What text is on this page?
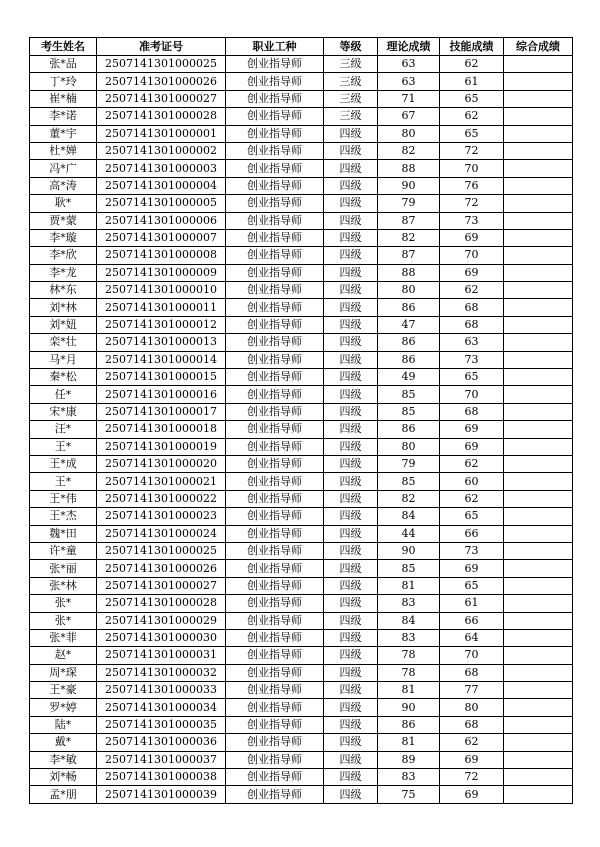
考生姓名	准考证号	职业工种	等级	理论成绩	技能成绩	综合成绩
张*品	2507141301000025	创业指导师	三级	63	62	
丁*玲	2507141301000026	创业指导师	三级	63	61	
崔*楠	2507141301000027	创业指导师	三级	71	65	
李*诺	2507141301000028	创业指导师	三级	67	62	
董*宇	2507141301000001	创业指导师	四级	80	65	
杜*婵	2507141301000002	创业指导师	四级	82	72	
冯*广	2507141301000003	创业指导师	四级	88	70	
高*涛	2507141301000004	创业指导师	四级	90	76	
耿*	2507141301000005	创业指导师	四级	79	72	
贾*蒙	2507141301000006	创业指导师	四级	87	73	
李*璇	2507141301000007	创业指导师	四级	82	69	
李*欣	2507141301000008	创业指导师	四级	87	70	
李*龙	2507141301000009	创业指导师	四级	88	69	
林*东	2507141301000010	创业指导师	四级	80	62	
刘*林	2507141301000011	创业指导师	四级	86	68	
刘*妞	2507141301000012	创业指导师	四级	47	68	
栾*壮	2507141301000013	创业指导师	四级	86	63	
马*月	2507141301000014	创业指导师	四级	86	73	
秦*松	2507141301000015	创业指导师	四级	49	65	
任*	2507141301000016	创业指导师	四级	85	70	
宋*康	2507141301000017	创业指导师	四级	85	68	
汪*	2507141301000018	创业指导师	四级	86	69	
王*	2507141301000019	创业指导师	四级	80	69	
王*成	2507141301000020	创业指导师	四级	79	62	
王*	2507141301000021	创业指导师	四级	85	60	
王*伟	2507141301000022	创业指导师	四级	82	62	
王*杰	2507141301000023	创业指导师	四级	84	65	
魏*田	2507141301000024	创业指导师	四级	44	66	
许*童	2507141301000025	创业指导师	四级	90	73	
张*丽	2507141301000026	创业指导师	四级	85	69	
张*林	2507141301000027	创业指导师	四级	81	65	
张*	2507141301000028	创业指导师	四级	83	61	
张*	2507141301000029	创业指导师	四级	84	66	
张*菲	2507141301000030	创业指导师	四级	83	64	
赵*	2507141301000031	创业指导师	四级	78	70	
周*琛	2507141301000032	创业指导师	四级	78	68	
王*豪	2507141301000033	创业指导师	四级	81	77	
罗*婷	2507141301000034	创业指导师	四级	90	80	
陆*	2507141301000035	创业指导师	四级	86	68	
戴*	2507141301000036	创业指导师	四级	81	62	
李*敏	2507141301000037	创业指导师	四级	89	69	
刘*畅	2507141301000038	创业指导师	四级	83	72	
孟*朋	2507141301000039	创业指导师	四级	75	69	
